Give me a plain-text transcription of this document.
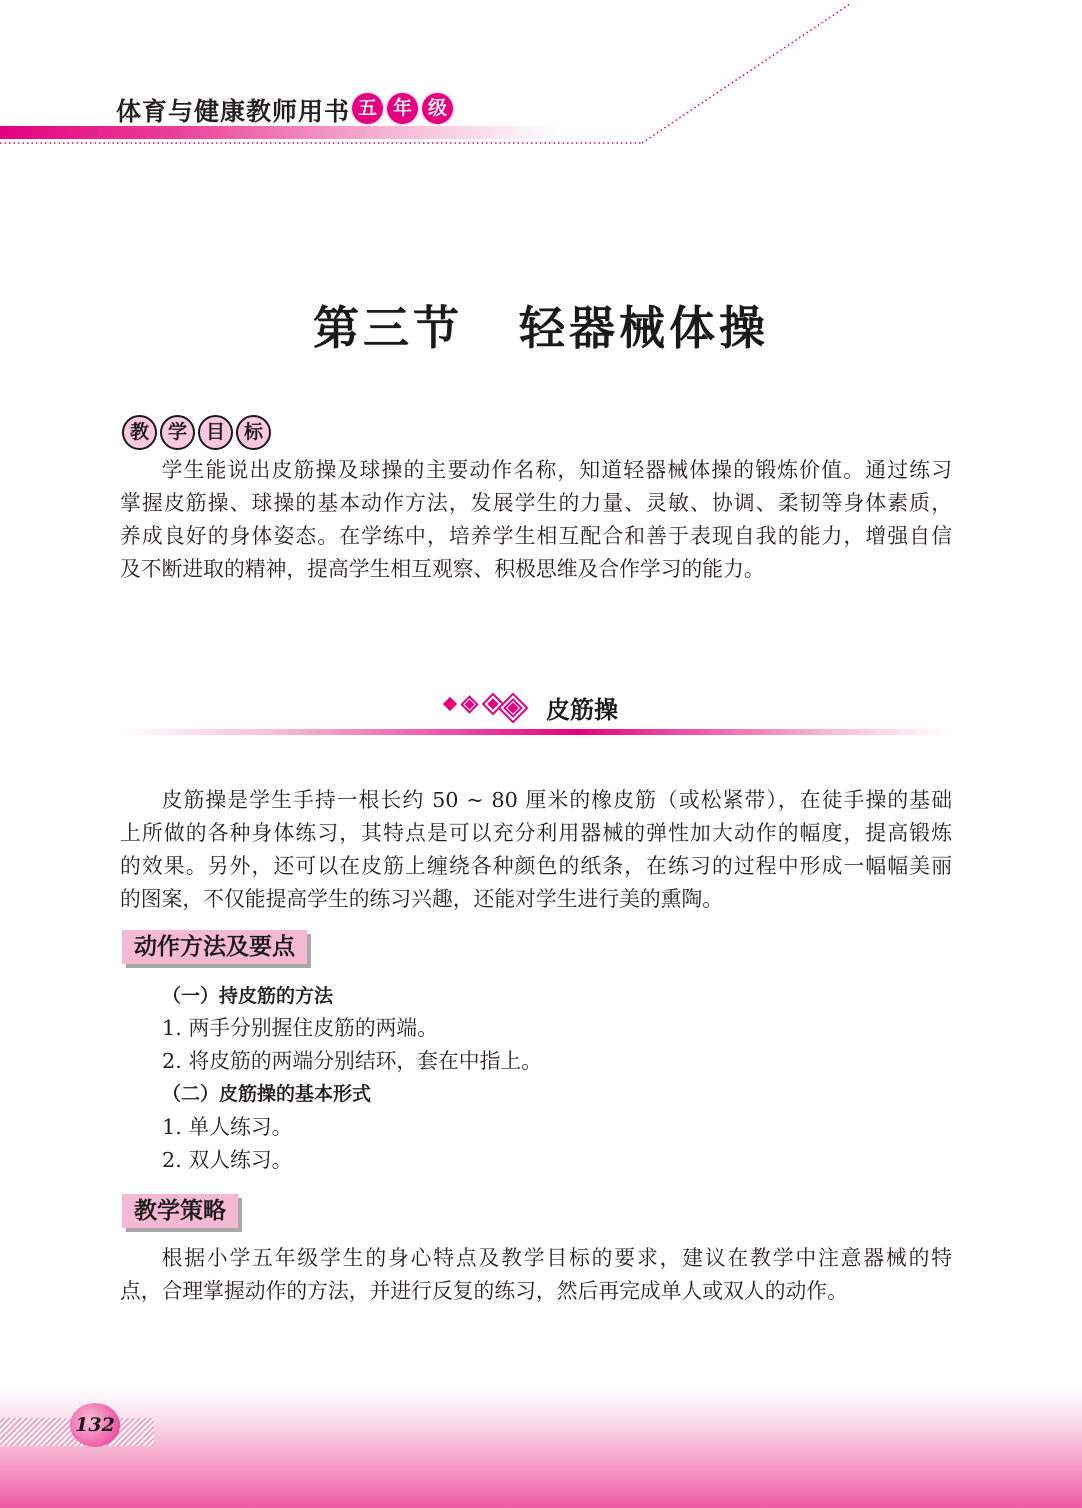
体育与健康教师用书 五 年 级
第三节 轻器械体操
教 学 目 标
学生能说出皮筋操及球操的主要动作名称，知道轻器械体操的锻炼价值。通过练习
掌握皮筋操、球操的基本动作方法，发展学生的力量、灵敏、协调、柔韧等身体素质，
养成良好的身体姿态。在学练中，培养学生相互配合和善于表现自我的能力，增强自信
及不断进取的精神，提高学生相互观察、积极思维及合作学习的能力。
皮筋操
皮筋操是学生手持一根长约 50 ~ 80 厘米的橡皮筋（或松紧带），在徒手操的基础
上所做的各种身体练习，其特点是可以充分利用器械的弹性加大动作的幅度，提高锻炼
的效果。另外，还可以在皮筋上缠绕各种颜色的纸条，在练习的过程中形成一幅幅美丽
的图案，不仅能提高学生的练习兴趣，还能对学生进行美的熏陶。
动作方法及要点
（一）持皮筋的方法
1. 两手分别握住皮筋的两端。
2. 将皮筋的两端分别结环，套在中指上。
（二）皮筋操的基本形式
1. 单人练习。
2. 双人练习。
教学策略
根据小学五年级学生的身心特点及教学目标的要求，建议在教学中注意器械的特
点，合理掌握动作的方法，并进行反复的练习，然后再完成单人或双人的动作。
132
